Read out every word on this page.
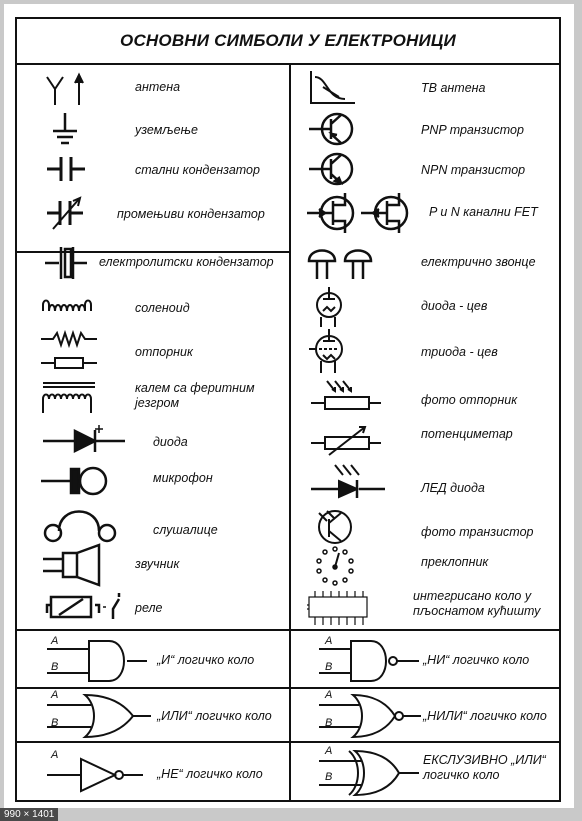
ОСНОВНИ СИМБОЛИ У ЕЛЕКТРОНИЦИ
антена
уземљење
стални кондензатор
промењиви кондензатор
електролитски кондензатор
соленоид
отпорник
калем са феритним језгром
диода
микрофон
слушалице
звучник
реле
ТВ антена
PNP транзистор
NPN транзистор
P и N канални FET
електрично звонце
диода - цев
триода - цев
фото отпорник
потенциметар
ЛЕД диода
фото транзистор
преклопник
интегрисано коло у пљоснатом кућишту
A
B	„И“ логичко коло
A
B	„НИ“ логичко коло
A
B	„ИЛИ“ логичко коло
A
B	„НИЛИ“ логичко коло
A
„НЕ“ логичко коло
A
B
ЕКСЛУЗИВНО „ИЛИ“ логичко коло
990 × 1401
